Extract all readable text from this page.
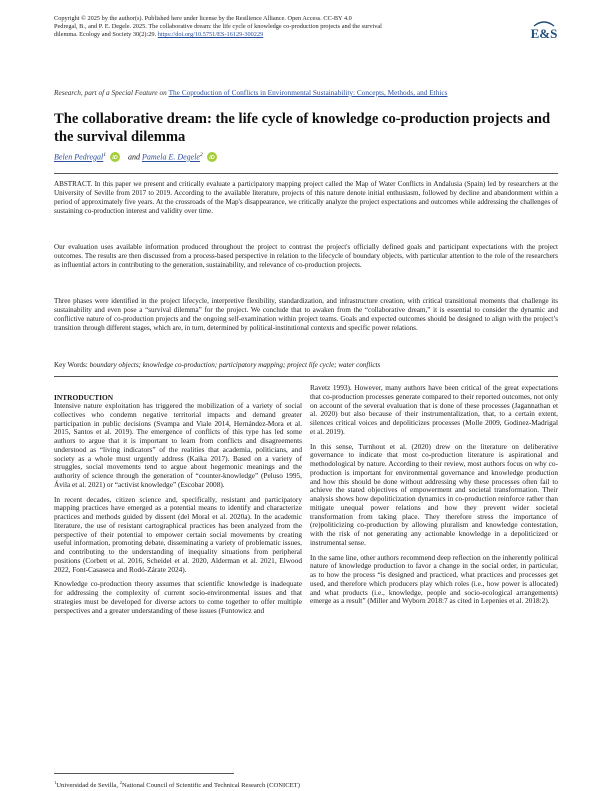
Copyright © 2025 by the author(s). Published here under license by the Resilience Alliance. Open Access. CC-BY 4.0
Pedregal, B., and P. E. Degele. 2025. The collaborative dream: the life cycle of knowledge co-production projects and the survival
dilemma. Ecology and Society 30(2):29. https://doi.org/10.5751/ES-16129-300229	E&S
Research, part of a Special Feature on The Coproduction of Conflicts in Environmental Sustainability: Concepts, Methods, and Ethics
The collaborative dream: the life cycle of knowledge co-production projects and the survival dilemma
Belen Pedregal$^1$ iD and Pamela E. Degele$^2$ iD

ABSTRACT. In this paper we present and critically evaluate a participatory mapping project called the Map of Water Conflicts in Andalusia (Spain) led by researchers at the University of Seville from 2017 to 2019. According to the available literature, projects of this nature denote initial enthusiasm, followed by decline and abandonment within a period of approximately five years. At the crossroads of the Map's disappearance, we critically analyze the project expectations and outcomes while addressing the challenges of sustaining co-production interest and validity over time.

Our evaluation uses available information produced throughout the project to contrast the project's officially defined goals and participant expectations with the project outcomes. The results are then discussed from a process-based perspective in relation to the lifecycle of boundary objects, with particular attention to the role of the researchers as influential actors in contributing to the generation, sustainability, and relevance of co-production projects.

Three phases were identified in the project lifecycle, interpretive flexibility, standardization, and infrastructure creation, with critical transitional moments that challenge its sustainability and even pose a “survival dilemma” for the project. We conclude that to awaken from the “collaborative dream,” it is essential to consider the dynamic and conflictive nature of co-production projects and the ongoing self-examination within project teams. Goals and expected outcomes should be designed to align with the project’s transition through different stages, which are, in turn, determined by political-institutional contexts and specific power relations.

Key Words: boundary objects; knowledge co-production; participatory mapping; project life cycle; water conflicts
INTRODUCTION

Intensive nature exploitation has triggered the mobilization of a variety of social collectives who condemn negative territorial impacts and demand greater participation in public decisions (Svampa and Viale 2014, Hernández-Mora et al. 2015, Santos et al. 2019). The emergence of conflicts of this type has led some authors to argue that it is important to learn from conflicts and disagreements understood as “living indicators” of the realities that academia, politicians, and society as a whole must urgently address (Kaika 2017). Based on a variety of struggles, social movements tend to argue about hegemonic meanings and the authority of science through the generation of “counter-knowledge” (Peluso 1995, Ávila et al. 2021) or “activist knowledge” (Escobar 2008).

In recent decades, citizen science and, specifically, resistant and participatory mapping practices have emerged as a potential means to identify and characterize practices and methods guided by dissent (del Moral et al. 2020a). In the academic literature, the use of resistant cartographical practices has been analyzed from the perspective of their potential to empower certain social movements by creating useful information, promoting debate, disseminating a variety of problematic issues, and contributing to the understanding of inequality situations from peripheral positions (Corbett et al. 2016, Scheidel et al. 2020, Alderman et al. 2021, Elwood 2022, Font-Casaseca and Rodó-Zárate 2024).

Knowledge co-production theory assumes that scientific knowledge is inadequate for addressing the complexity of current socio-environmental issues and that strategies must be developed for diverse actors to come together to offer multiple perspectives and a greater understanding of these issues (Funtowicz and

Ravetz 1993). However, many authors have been critical of the great expectations that co-production processes generate compared to their reported outcomes, not only on account of the several evaluation that is done of these processes (Jagannathan et al. 2020) but also because of their instrumentalization, that, to a certain extent, silences critical voices and depoliticizes processes (Molle 2009, Godinez-Madrigal et al. 2019).

In this sense, Turnhout et al. (2020) drew on the literature on deliberative governance to indicate that most co-production literature is aspirational and methodological by nature. According to their review, most authors focus on why co-production is important for environmental governance and knowledge production and how this should be done without addressing why these processes often fail to achieve the stated objectives of empowerment and societal transformation. Their analysis shows how depoliticization dynamics in co-production reinforce rather than mitigate unequal power relations and how they prevent wider societal transformation from taking place. They therefore stress the importance of (re)politicizing co-production by allowing pluralism and knowledge contestation, with the risk of not generating any actionable knowledge in a depoliticized or instrumental sense.

In the same line, other authors recommend deep reflection on the inherently political nature of knowledge production to favor a change in the social order, in particular, as to how the process “is designed and practiced, what practices and processes get used, and therefore which producers play which roles (i.e., how power is allocated) and what products (i.e., knowledge, people and socio-ecological arrangements) emerge as a result” (Miller and Wyborn 2018:7 as cited in Lepenies et al. 2018:2).

$^1$Universidad de Sevilla, $^2$National Council of Scientific and Technical Research (CONICET)
